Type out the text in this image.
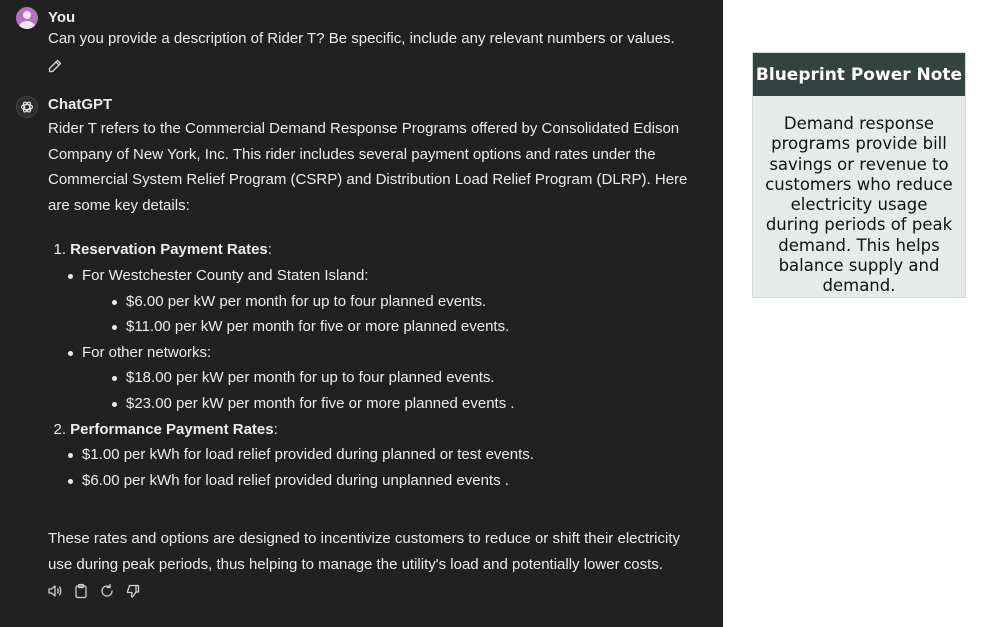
You
Can you provide a description of Rider T? Be specific, include any relevant numbers or values.
ChatGPT

Rider T refers to the Commercial Demand Response Programs offered by Consolidated Edison Company of New York, Inc. This rider includes several payment options and rates under the Commercial System Relief Program (CSRP) and Distribution Load Relief Program (DLRP). Here are some key details:

1. Reservation Payment Rates:
For Westchester County and Staten Island:
$6.00 per kW per month for up to four planned events.
$11.00 per kW per month for five or more planned events.
For other networks:
$18.00 per kW per month for up to four planned events.
$23.00 per kW per month for five or more planned events .
2. Performance Payment Rates:
$1.00 per kWh for load relief provided during planned or test events.
$6.00 per kWh for load relief provided during unplanned events .

These rates and options are designed to incentivize customers to reduce or shift their electricity use during peak periods, thus helping to manage the utility's load and potentially lower costs.

Blueprint Power Note
Demand response programs provide bill savings or revenue to customers who reduce electricity usage during periods of peak demand. This helps balance supply and demand.
